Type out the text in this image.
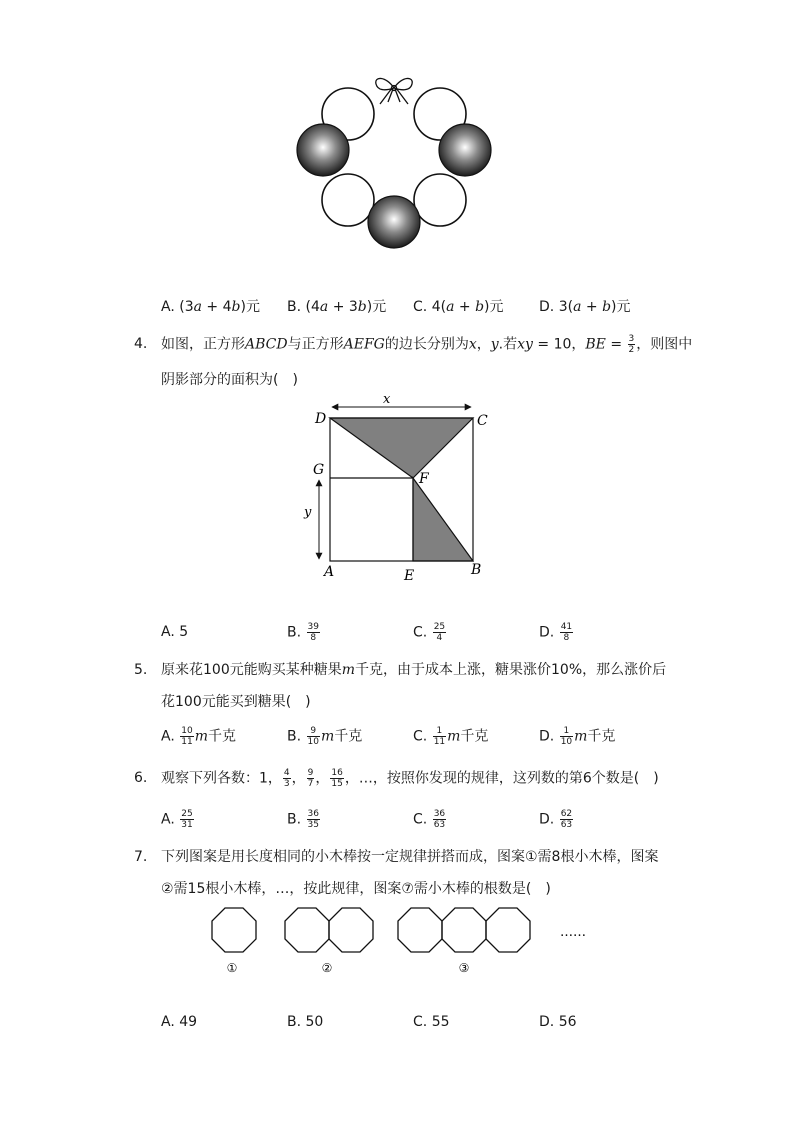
A. (3a + 4b)元 B. (4a + 3b)元 C. 4(a + b)元	D. 3(a + b)元
4. 如图，正方形ABCD与正方形AEFG的边长分别为x，y.若xy = 10，BE = $\frac{3}{2}$ ，则图中
阴影部分的面积为(　)
x
y
D	C
G
F
A	E	B
A. 5	B. $\frac{39}{8}$	C. $\frac{25}{4}$	D. $\frac{41}{8}$
5. 原来花100元能购买某种糖果m千克，由于成本上涨，糖果涨价10%，那么涨价后
花100元能买到糖果(　)
A. $\frac{10}{11}$ m千克	B. $\frac{9}{10}$ m千克	C. $\frac{1}{11}$ m千克	D. $\frac{1}{10}$ m千克
6. 观察下列各数：1， $\frac{4}{3}$ ， $\frac{9}{7}$ ， $\frac{16}{15}$ ，…，按照你发现的规律，这列数的第6个数是(　)
A. $\frac{25}{31}$	B. $\frac{36}{35}$	C. $\frac{36}{63}$	D. $\frac{62}{63}$
7. 下列图案是用长度相同的小木棒按一定规律拼搭而成，图案①需8根小木棒，图案
②需15根小木棒，…，按此规律，图案⑦需小木棒的根数是(　)
……
①	②	③
A. 49	B. 50	C. 55	D. 56
